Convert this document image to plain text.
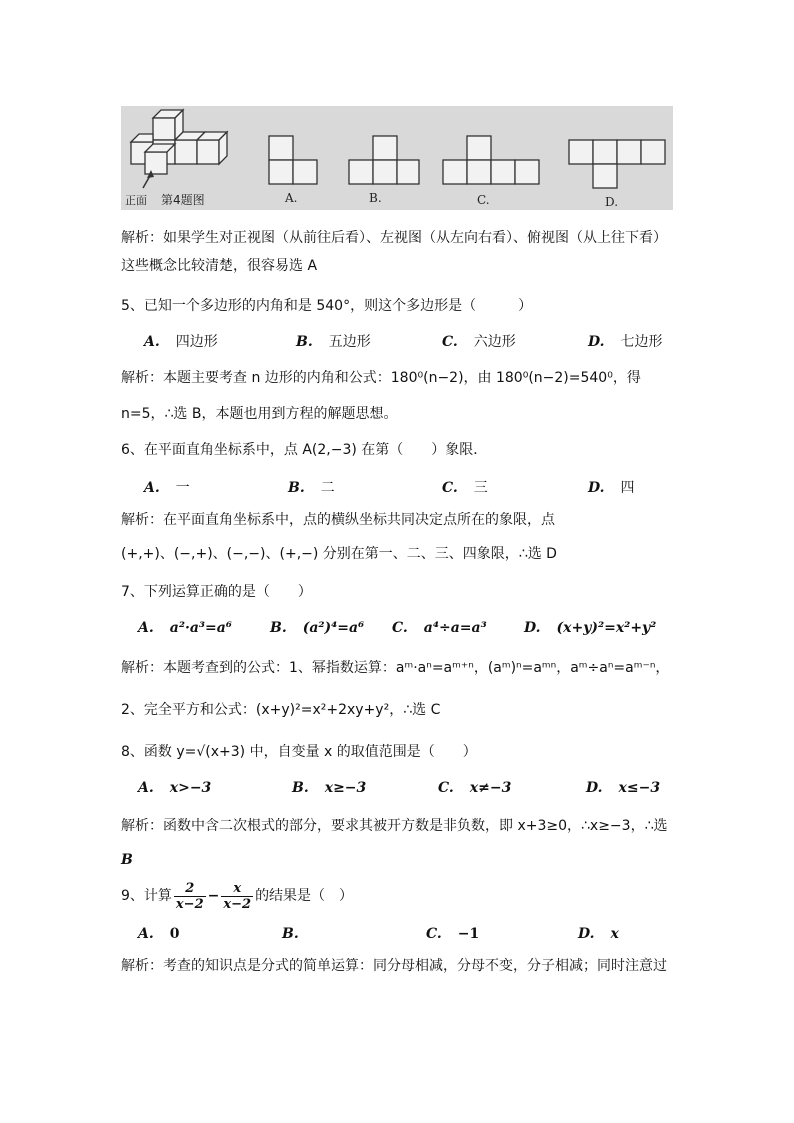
正面 第4题图	A.	B.	C.	D.
解析：如果学生对正视图（从前往后看）、左视图（从左向右看）、俯视图（从上往下看）
这些概念比较清楚，很容易选 A
5、已知一个多边形的内角和是 540°，则这个多边形是（　　　）
A. 四边形	B. 五边形	C. 六边形	D. 七边形
解析：本题主要考查 n 边形的内角和公式：180⁰(n−2)，由 180⁰(n−2)=540⁰，得
n=5，∴选 B，本题也用到方程的解题思想。
6、在平面直角坐标系中，点 A(2,−3) 在第（　　）象限．
A. 一	B. 二	C. 三	D. 四
解析：在平面直角坐标系中，点的横纵坐标共同决定点所在的象限，点
(+,+)、(−,+)、(−,−)、(+,−) 分别在第一、二、三、四象限，∴选 D
7、下列运算正确的是（　　）
A. a²·a³=a⁶	B. (a²)⁴=a⁶ C. a⁴÷a=a³	D. (x+y)²=x²+y²
解析：本题考查到的公式：1、幂指数运算：aᵐ·aⁿ=aᵐ⁺ⁿ，(aᵐ)ⁿ=aᵐⁿ，aᵐ÷aⁿ=aᵐ⁻ⁿ，
2、完全平方和公式：(x+y)²=x²+2xy+y²，∴选 C
8、函数 y=√(x+3) 中，自变量 x 的取值范围是（　　）
A. x>−3	B. x≥−3	C. x≠−3	D. x≤−3
解析：函数中含二次根式的部分，要求其被开方数是非负数，即 x+3≥0，∴x≥−3，∴选
B
9、计算 $\frac{2}{x-2} - \frac{x}{x-2}$ 的结果是（　）
A. 0	B.	C. −1	D. x
解析：考查的知识点是分式的简单运算：同分母相减，分母不变，分子相减；同时注意过
